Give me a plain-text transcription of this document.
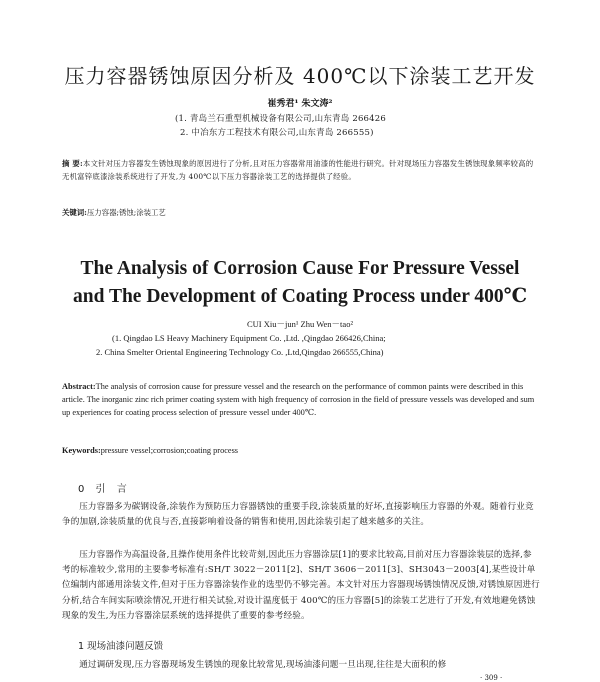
压力容器锈蚀原因分析及 400℃以下涂装工艺开发
崔秀君¹ 朱文涛²
(1. 青岛兰石重型机械设备有限公司,山东青岛 266426
2. 中冶东方工程技术有限公司,山东青岛 266555)
摘 要:本文针对压力容器发生锈蚀现象的原因进行了分析,且对压力容器常用油漆的性能进行研究。针对现场压力容器发生锈蚀现象频率较高的无机富锌底漆涂装系统进行了开发,为 400℃以下压力容器涂装工艺的选择提供了经验。
关键词:压力容器;锈蚀;涂装工艺
The Analysis of Corrosion Cause For Pressure Vessel
and The Development of Coating Process under 400℃
CUI Xiu－jun¹ Zhu Wen－tao²
(1. Qingdao LS Heavy Machinery Equipment Co. ,Ltd. ,Qingdao 266426,China;
2. China Smelter Oriental Engineering Technology Co. ,Ltd,Qingdao 266555,China)
Abstract:The analysis of corrosion cause for pressure vessel and the research on the performance of common paints were described in this article. The inorganic zinc rich primer coating system with high frequency of corrosion in the field of pressure vessels was developed and sum up experiences for coating process selection of pressure vessel under 400℃.
Keywords:pressure vessel;corrosion;coating process
0 引 言
压力容器多为碳钢设备,涂装作为预防压力容器锈蚀的重要手段,涂装质量的好坏,直接影响压力容器的外观。随着行业竞争的加剧,涂装质量的优良与否,直接影响着设备的销售和使用,因此涂装引起了越来越多的关注。
压力容器作为高温设备,且操作使用条件比较苛刻,因此压力容器涂层[1]的要求比较高,目前对压力容器涂装层的选择,参考的标准较少,常用的主要参考标准有:SH/T 3022－2011[2]、SH/T 3606－2011[3]、SH3043－2003[4],某些设计单位编制内部通用涂装文件,但对于压力容器涂装作业的选型仍不够完善。本文针对压力容器现场锈蚀情况反馈,对锈蚀原因进行分析,结合车间实际喷涂情况,开进行相关试验,对设计温度低于 400℃的压力容器[5]的涂装工艺进行了开发,有效地避免锈蚀现象的发生,为压力容器涂层系统的选择提供了重要的参考经验。
1 现场油漆问题反馈
通过调研发现,压力容器现场发生锈蚀的现象比较常见,现场油漆问题一旦出现,往往是大面积的修
· 309 ·
